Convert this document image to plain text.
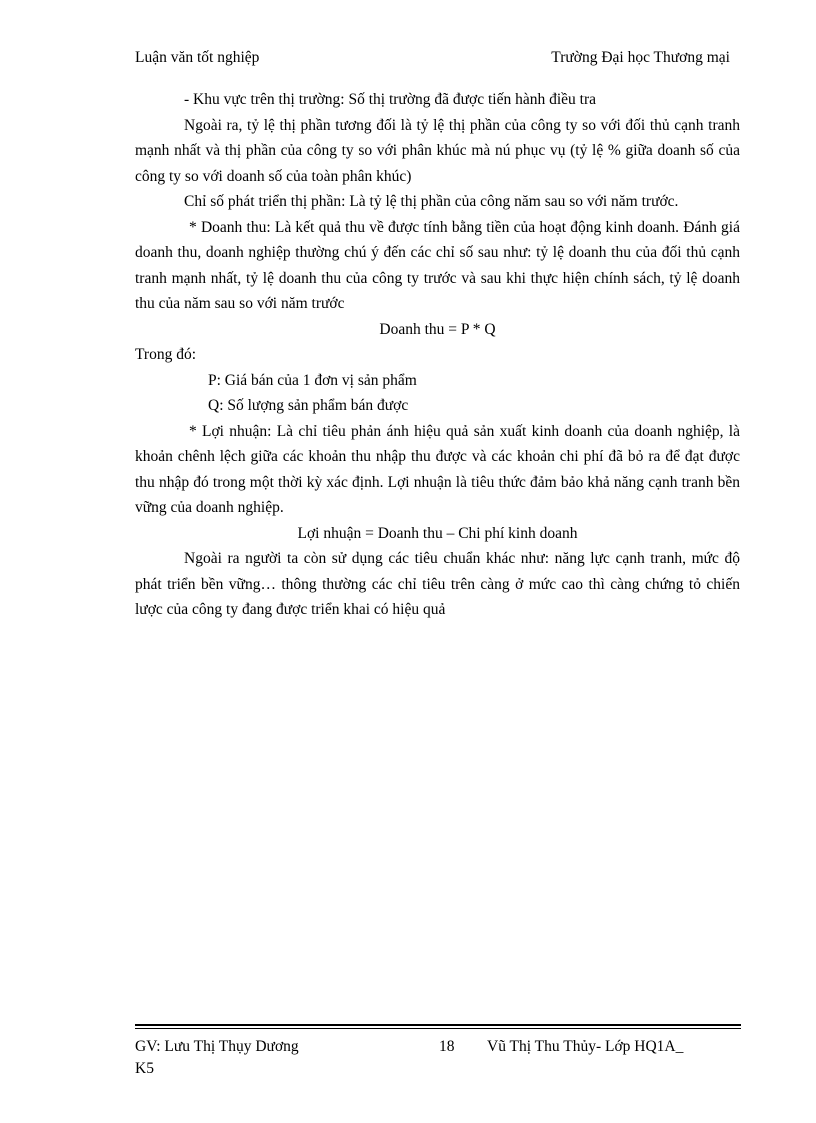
Luận văn tốt nghiệp	Trường Đại học Thương mại

- Khu vực trên thị trường: Số thị trường đã được tiến hành điều tra

Ngoài ra, tỷ lệ thị phần tương đối là tỷ lệ thị phần của công ty so với đối thủ cạnh tranh mạnh nhất và thị phần của công ty so với phân khúc mà nú phục vụ (tỷ lệ % giữa doanh số của công ty so với doanh số của toàn phân khúc)

Chỉ số phát triển thị phần: Là tỷ lệ thị phần của công năm sau so với năm trước.

* Doanh thu: Là kết quả thu về được tính bằng tiền của hoạt động kinh doanh. Đánh giá doanh thu, doanh nghiệp thường chú ý đến các chỉ số sau như: tỷ lệ doanh thu của đối thủ cạnh tranh mạnh nhất, tỷ lệ doanh thu của công ty trước và sau khi thực hiện chính sách, tỷ lệ doanh thu của năm sau so với năm trước

Doanh thu = P * Q

Trong đó:

P: Giá bán của 1 đơn vị sản phẩm

Q: Số lượng sản phẩm bán được

* Lợi nhuận: Là chỉ tiêu phản ánh hiệu quả sản xuất kinh doanh của doanh nghiệp, là khoản chênh lệch giữa các khoản thu nhập thu được và các khoản chi phí đã bỏ ra để đạt được thu nhập đó trong một thời kỳ xác định. Lợi nhuận là tiêu thức đảm bảo khả năng cạnh tranh bền vững của doanh nghiệp.

Lợi nhuận = Doanh thu – Chi phí kinh doanh

Ngoài ra người ta còn sử dụng các tiêu chuẩn khác như: năng lực cạnh tranh, mức độ phát triển bền vững… thông thường các chỉ tiêu trên càng ở mức cao thì càng chứng tỏ chiến lược của công ty đang được triển khai có hiệu quả

GV: Lưu Thị Thụy Dương	18 Vũ Thị Thu Thủy- Lớp HQ1A_
K5
